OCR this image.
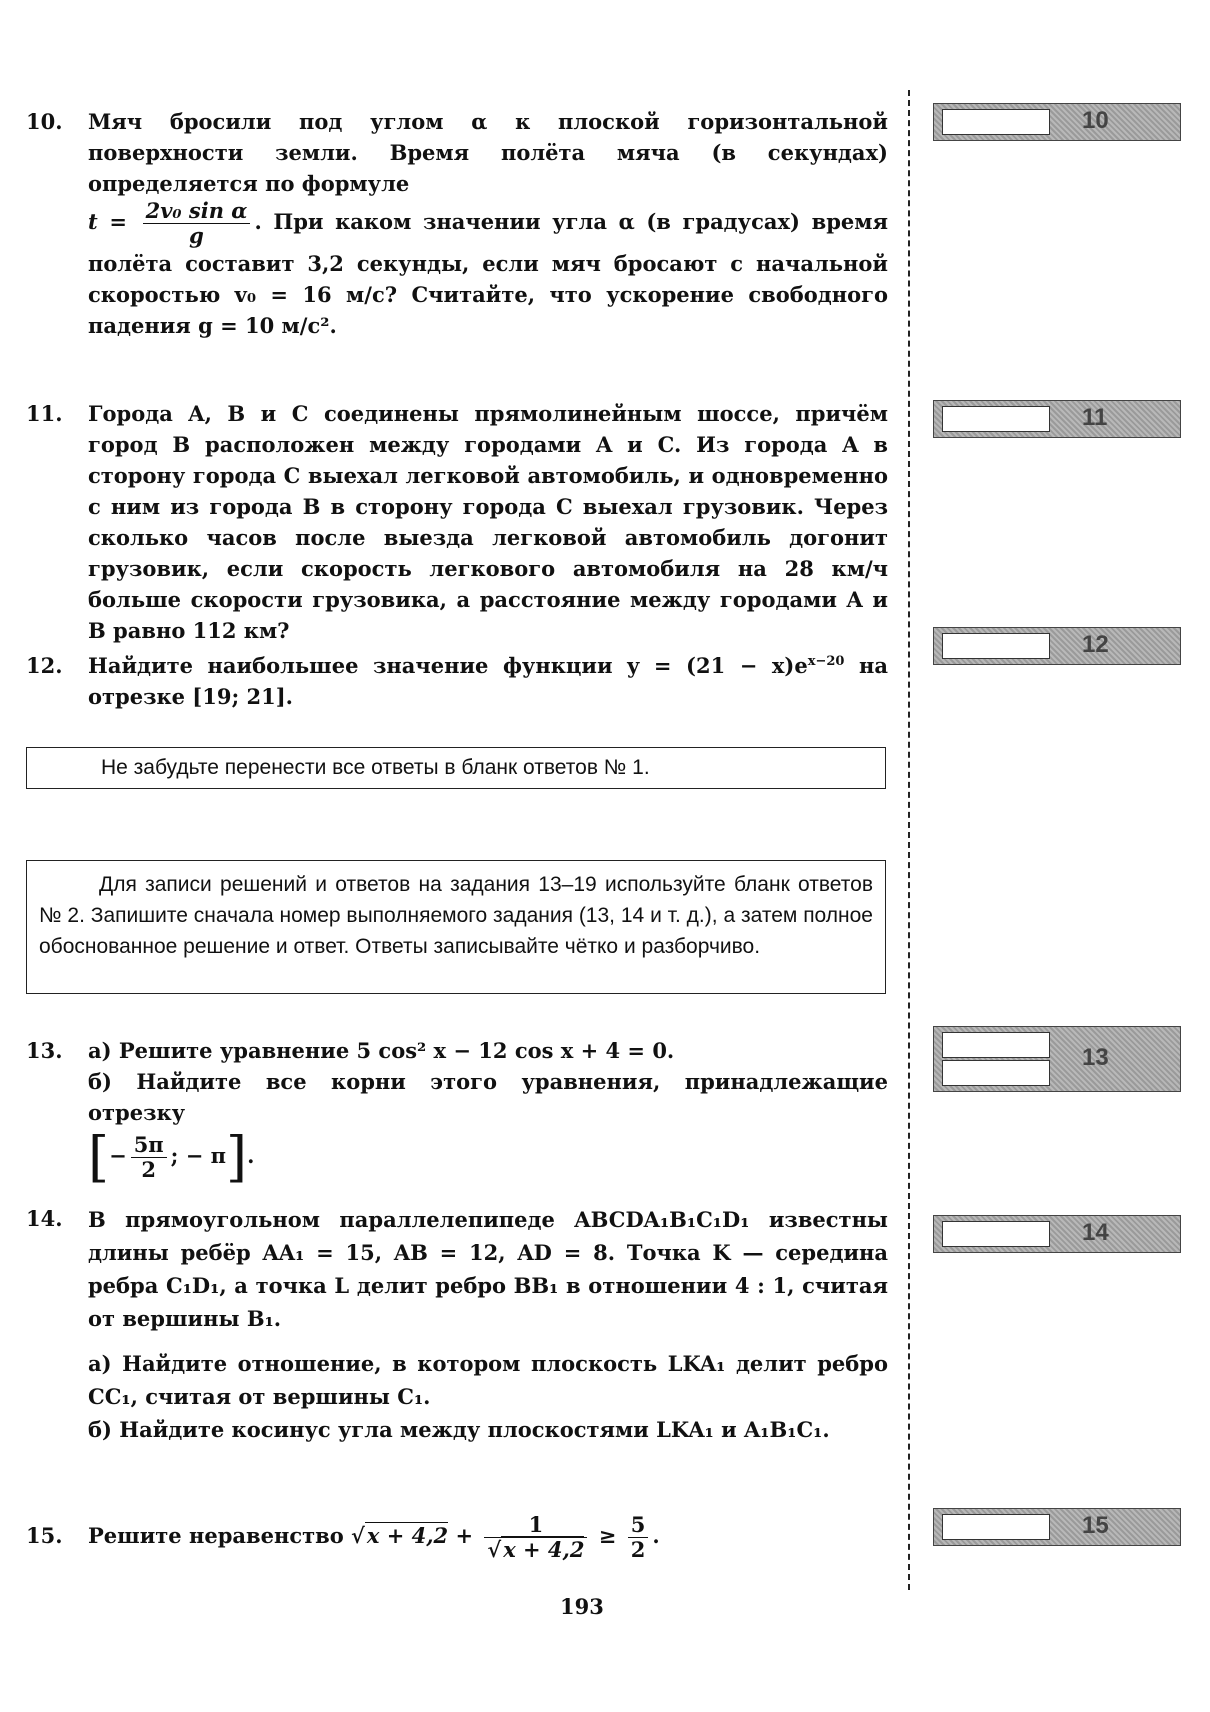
10. Мяч бросили под углом α к плоской горизонтальной поверхности земли. Время полёта мяча (в секундах) определяется по формуле
$t = \frac{\text{2v₀ sin α}}{g}$ . При каком значении угла α (в градусах) время полёта составит 3,2 секунды, если мяч бросают с начальной скоростью v₀ = 16 м/с? Считайте, что ускорение свободного падения g = 10 м/с².

11. Города A, B и C соединены прямолинейным шоссе, причём город B расположен между городами A и C. Из города A в сторону города C выехал легковой автомобиль, и одновременно с ним из города B в сторону города C выехал грузовик. Через сколько часов после выезда легковой автомобиль догонит грузовик, если скорость легкового автомобиля на 28 км/ч больше скорости грузовика, а расстояние между городами A и B равно 112 км?

12. Найдите наибольшее значение функции $y = (21 - x)e^{x-20}$ на отрезке [19; 21].

Не забудьте перенести все ответы в бланк ответов № 1.
Для записи решений и ответов на задания 13–19 используйте бланк ответов № 2. Запишите сначала номер выполняемого задания (13, 14 и т. д.), а затем полное обоснованное решение и ответ. Ответы записывайте чётко и разборчиво.
13. а) Решите уравнение 5 cos² x − 12 cos x + 4 = 0.

б) Найдите все корни этого уравнения, принадлежащие отрезку

[− $\frac{5\pi}{2}$ ; − π].

14. В прямоугольном параллелепипеде ABCDA₁B₁C₁D₁ известны длины ребёр AA₁ = 15, AB = 12, AD = 8. Точка K — середина ребра C₁D₁, а точка L делит ребро BB₁ в отношении 4 : 1, считая от вершины B₁.

а) Найдите отношение, в котором плоскость LKA₁ делит ребро CC₁, считая от вершины C₁.

б) Найдите косинус угла между плоскостями LKA₁ и A₁B₁C₁.

15. Решите неравенство $√x + 4,2 + \frac{1}{√x + 4,2} \ge \frac{5}{2}$ .
10
11
12
13
14
15
193
